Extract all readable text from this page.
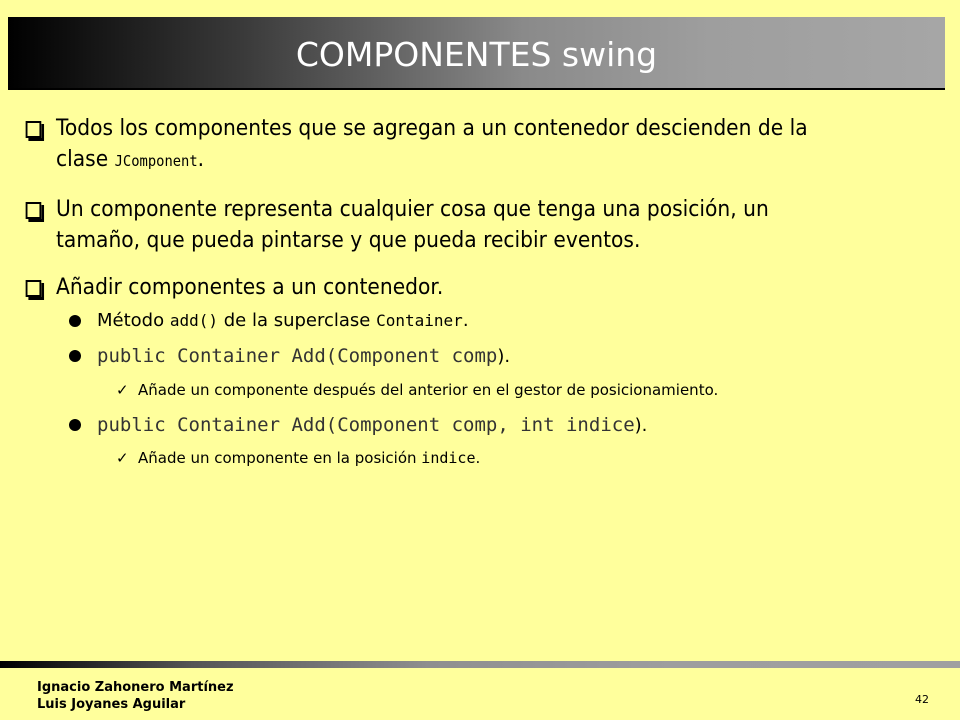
COMPONENTES swing
Todos los componentes que se agregan a un contenedor descienden de la clase JComponent.
Un componente representa cualquier cosa que tenga una posición, un tamaño, que pueda pintarse y que pueda recibir eventos.
Añadir componentes a un contenedor.
Método add() de la superclase Container.
public Container Add(Component comp).
✓ Añade un componente después del anterior en el gestor de posicionamiento.
public Container Add(Component comp, int indice).
✓ Añade un componente en la posición indice.
Ignacio Zahonero Martínez
Luis Joyanes Aguilar	42
